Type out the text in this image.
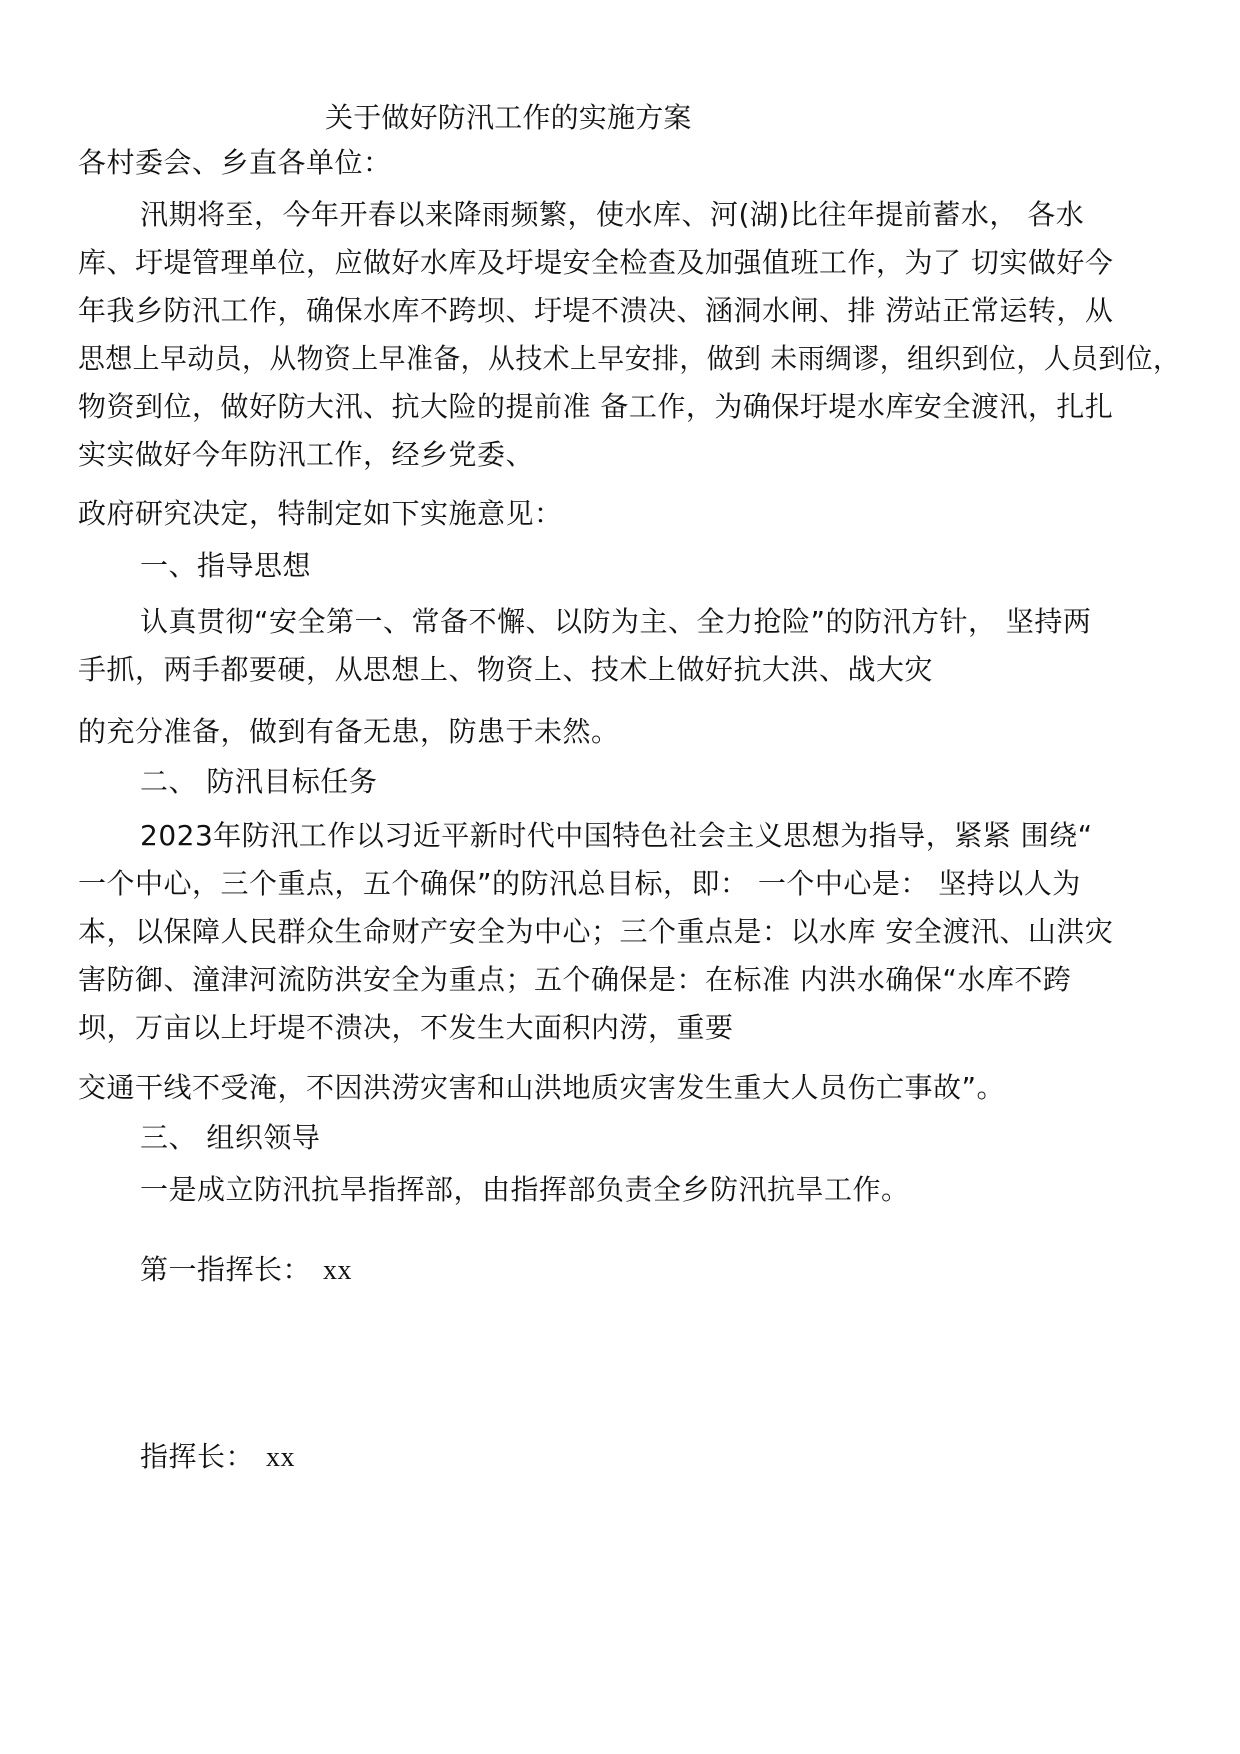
关于做好防汛工作的实施方案
各村委会、乡直各单位：
汛期将至，今年开春以来降雨频繁，使水库、河(湖)比往年提前蓄水， 各水
库、圩堤管理单位，应做好水库及圩堤安全检查及加强值班工作，为了 切实做好今
年我乡防汛工作，确保水库不跨坝、圩堤不溃决、涵洞水闸、排 涝站正常运转，从
思想上早动员，从物资上早准备，从技术上早安排，做到 未雨绸谬，组织到位，人员到位，
物资到位，做好防大汛、抗大险的提前准 备工作，为确保圩堤水库安全渡汛，扎扎
实实做好今年防汛工作，经乡党委、
政府研究决定，特制定如下实施意见：
一、指导思想
认真贯彻“安全第一、常备不懈、以防为主、全力抢险”的防汛方针， 坚持两
手抓，两手都要硬，从思想上、物资上、技术上做好抗大洪、战大灾
的充分准备，做到有备无患，防患于未然。
二、 防汛目标任务
2023年防汛工作以习近平新时代中国特色社会主义思想为指导，紧紧 围绕“
一个中心，三个重点，五个确保”的防汛总目标，即： 一个中心是： 坚持以人为
本，以保障人民群众生命财产安全为中心；三个重点是：以水库 安全渡汛、山洪灾
害防御、潼津河流防洪安全为重点；五个确保是：在标准 内洪水确保“水库不跨
坝，万亩以上圩堤不溃决，不发生大面积内涝，重要
交通干线不受淹，不因洪涝灾害和山洪地质灾害发生重大人员伤亡事故”。
三、 组织领导
一是成立防汛抗旱指挥部，由指挥部负责全乡防汛抗旱工作。
第一指挥长： xx
指挥长： xx
